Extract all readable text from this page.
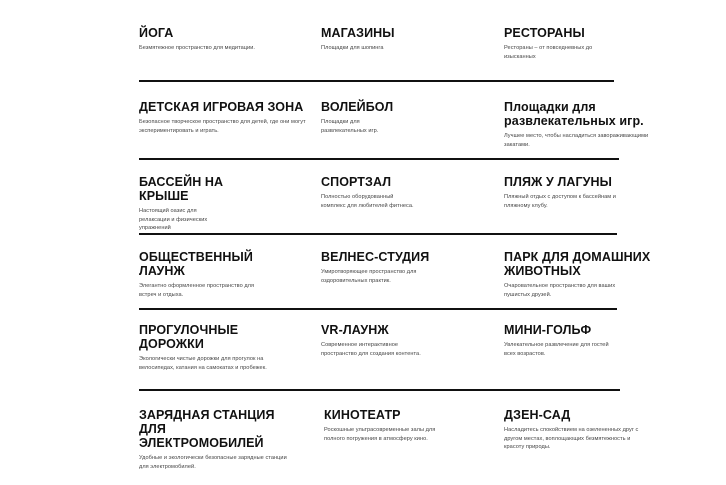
ЙОГА
Безмятежное пространство для медитации.
МАГАЗИНЫ
Площадки для шопинга
РЕСТОРАНЫ
Рестораны – от повседневных до изысканных
ДЕТСКАЯ ИГРОВАЯ ЗОНА
Безопасное творческое пространство для детей, где они могут экспериментировать и играть.
ВОЛЕЙБОЛ
Площадки для развлекательных игр.
Площадки для развлекательных игр.
Лучшее место, чтобы насладиться завораживающими закатами.
БАССЕЙН НА КРЫШЕ
Настоящий оазис для релаксации и физических упражнений
СПОРТЗАЛ
Полностью оборудованный комплекс для любителей фитнеса.
ПЛЯЖ У ЛАГУНЫ
Пляжный отдых с доступом к бассейнам и пляжному клубу.
ОБЩЕСТВЕННЫЙ ЛАУНЖ
Элегантно оформленное пространство для встреч и отдыха.
ВЕЛНЕС-СТУДИЯ
Умиротворяющее пространство для оздоровительных практик.
ПАРК ДЛЯ ДОМАШНИХ ЖИВОТНЫХ
Очаровательное пространство для ваших пушистых друзей.
ПРОГУЛОЧНЫЕ ДОРОЖКИ
Экологически чистые дорожки для прогулок на велосипедах, катания на самокатах и пробежек.
VR-ЛАУНЖ
Современное интерактивное пространство для создания контента.
МИНИ-ГОЛЬФ
Увлекательное развлечение для гостей всех возрастов.
ЗАРЯДНАЯ СТАНЦИЯ ДЛЯ ЭЛЕКТРОМОБИЛЕЙ
Удобные и экологически безопасные зарядные станции для электромобилей.
КИНОТЕАТР
Роскошные ультрасовременные залы для полного погружения в атмосферу кино.
ДЗЕН-САД
Насладитесь спокойствием на озелененных друг с другом местах, воплощающих безмятежность и красоту природы.
